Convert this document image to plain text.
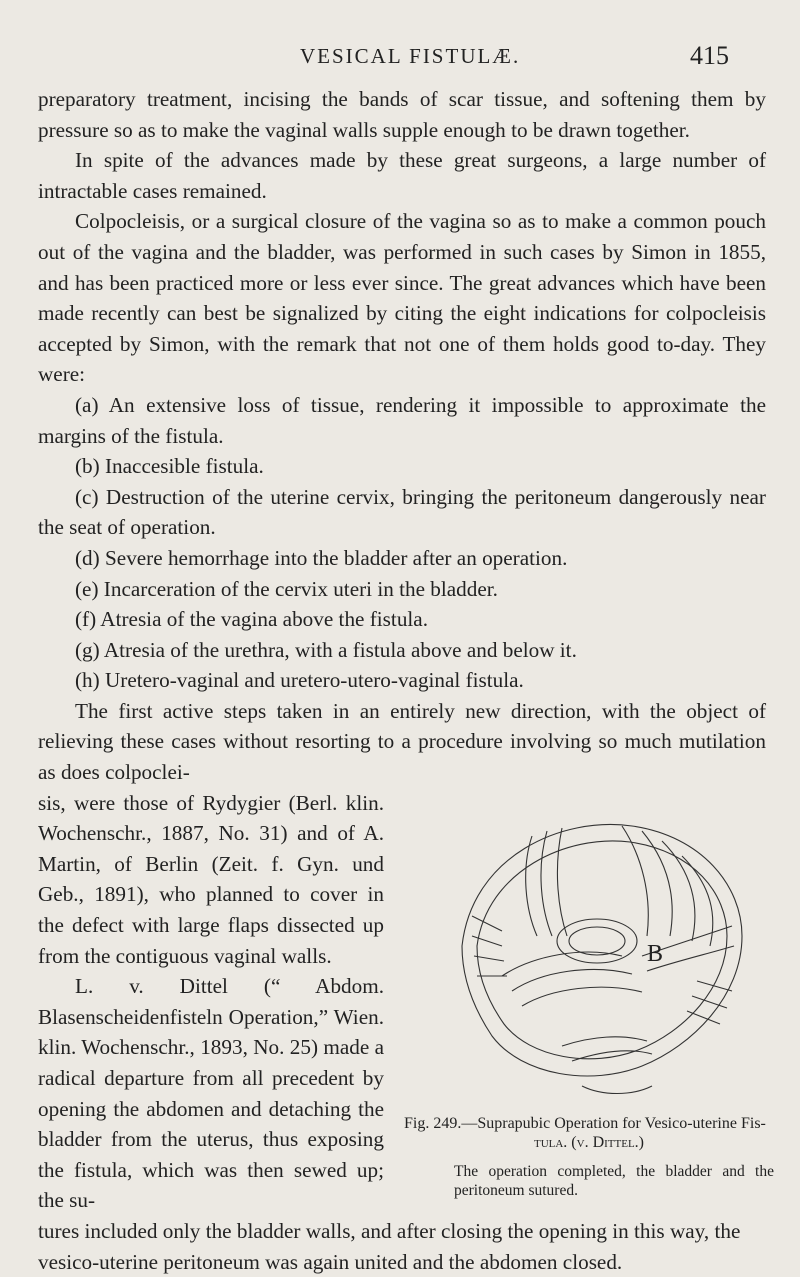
VESICAL FISTULÆ.	415

preparatory treatment, incising the bands of scar tissue, and softening them by pressure so as to make the vaginal walls supple enough to be drawn together.

In spite of the advances made by these great surgeons, a large number of intractable cases remained.

Colpocleisis, or a surgical closure of the vagina so as to make a common pouch out of the vagina and the bladder, was performed in such cases by Simon in 1855, and has been practiced more or less ever since. The great advances which have been made recently can best be signalized by citing the eight indications for colpocleisis accepted by Simon, with the remark that not one of them holds good to-day. They were:

(a) An extensive loss of tissue, rendering it impossible to approximate the margins of the fistula.

(b) Inaccesible fistula.

(c) Destruction of the uterine cervix, bringing the peritoneum dangerously near the seat of operation.

(d) Severe hemorrhage into the bladder after an operation.

(e) Incarceration of the cervix uteri in the bladder.

(f) Atresia of the vagina above the fistula.

(g) Atresia of the urethra, with a fistula above and below it.

(h) Uretero-vaginal and uretero-utero-vaginal fistula.

The first active steps taken in an entirely new direction, with the object of relieving these cases without resorting to a procedure involving so much mutilation as does colpoclei-

sis, were those of Rydygier (Berl. klin. Wochenschr., 1887, No. 31) and of A. Martin, of Berlin (Zeit. f. Gyn. und Geb., 1891), who planned to cover in the defect with large flaps dissected up from the contiguous vaginal walls.

L. v. Dittel (“ Abdom. Blasenscheidenfisteln Operation,” Wien. klin. Wochenschr., 1893, No. 25) made a radical departure from all precedent by opening the abdomen and detaching the bladder from the uterus, thus exposing the fistula, which was then sewed up; the su-

B
Fig. 249.—Suprapubic Operation for Vesico-uterine Fis-
tula. (v. Dittel.)
The operation completed, the bladder and the peritoneum sutured.

tures included only the bladder walls, and after closing the opening in this way, the vesico-uterine peritoneum was again united and the abdomen closed.
